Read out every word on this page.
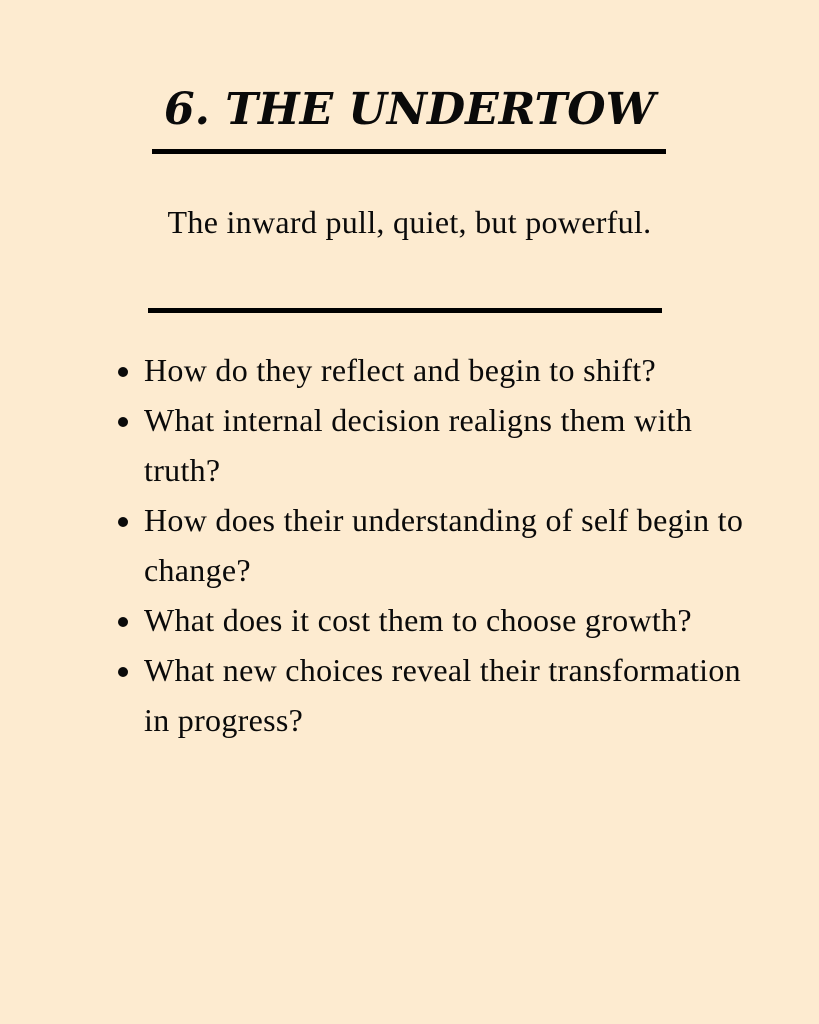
6. THE UNDERTOW

The inward pull, quiet, but powerful.

• How do they reflect and begin to shift?
• What internal decision realigns them with truth?
• How does their understanding of self begin to change?
• What does it cost them to choose growth?
• What new choices reveal their transformation in progress?
